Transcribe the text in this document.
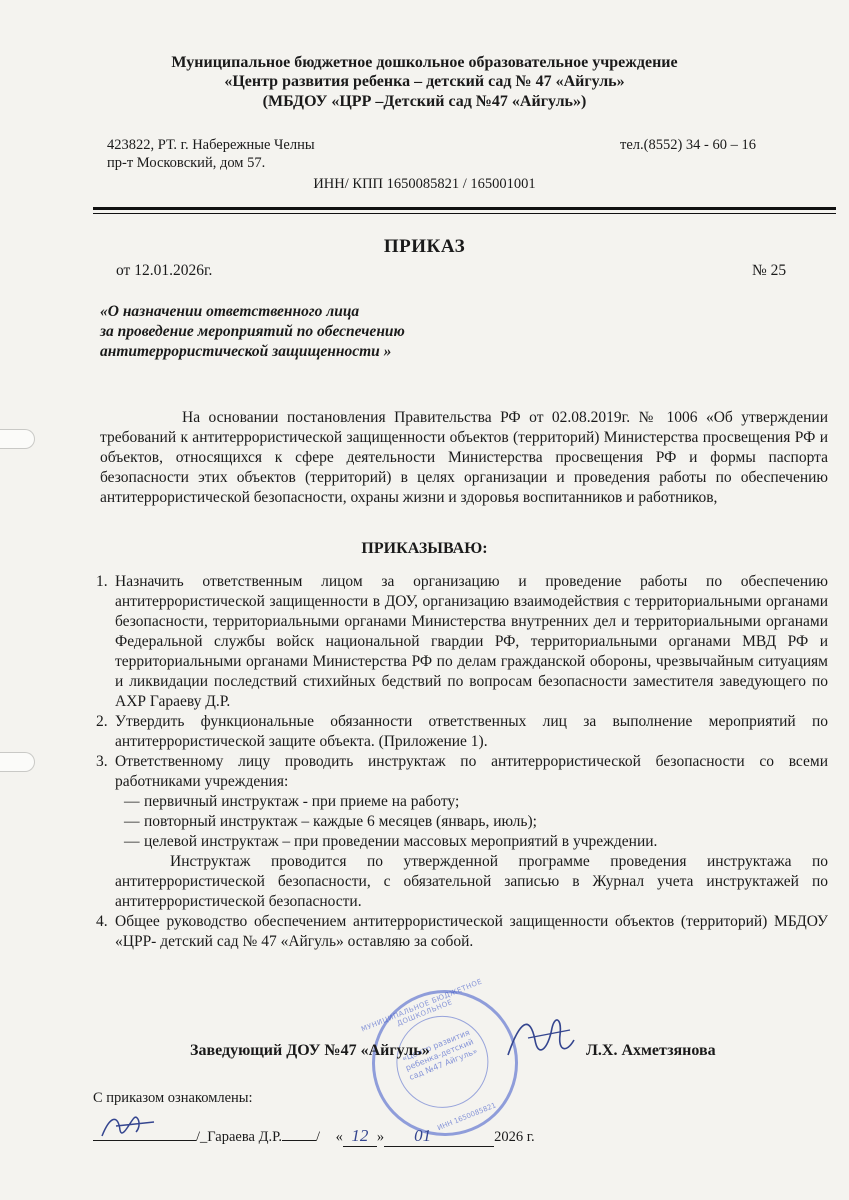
Муниципальное бюджетное дошкольное образовательное учреждение
«Центр развития ребенка – детский сад № 47 «Айгуль»
(МБДОУ «ЦРР –Детский сад №47 «Айгуль»)
423822, РТ. г. Набережные Челны
пр-т Московский, дом 57.
тел.(8552) 34 - 60 – 16
ИНН/ КПП 1650085821 / 165001001
ПРИКАЗ
от 12.01.2026г.	№ 25
«О назначении ответственного лица
за проведение мероприятий по обеспечению
антитеррористической защищенности »

На основании постановления Правительства РФ от 02.08.2019г. № 1006 «Об утверждении требований к антитеррористической защищенности объектов (территорий) Министерства просвещения РФ и объектов, относящихся к сфере деятельности Министерства просвещения РФ и формы паспорта безопасности этих объектов (территорий) в целях организации и проведения работы по обеспечению антитеррористической безопасности, охраны жизни и здоровья воспитанников и работников,

ПРИКАЗЫВАЮ:
1. Назначить ответственным лицом за организацию и проведение работы по обеспечению антитеррористической защищенности в ДОУ, организацию взаимодействия с территориальными органами безопасности, территориальными органами Министерства внутренних дел и территориальными органами Федеральной службы войск национальной гвардии РФ, территориальными органами МВД РФ и территориальными органами Министерства РФ по делам гражданской обороны, чрезвычайным ситуациям и ликвидации последствий стихийных бедствий по вопросам безопасности заместителя заведующего по АХР Гараеву Д.Р.
2. Утвердить функциональные обязанности ответственных лиц за выполнение мероприятий по антитеррористической защите объекта. (Приложение 1).
3. Ответственному лицу проводить инструктаж по антитеррористической безопасности со всеми работниками учреждения:
— первичный инструктаж - при приеме на работу;
— повторный инструктаж – каждые 6 месяцев (январь, июль);
— целевой инструктаж – при проведении массовых мероприятий в учреждении.
Инструктаж проводится по утвержденной программе проведения инструктажа по антитеррористической безопасности, с обязательной записью в Журнал учета инструктажей по антитеррористической безопасности.
4. Общее руководство обеспечением антитеррористической защищенности объектов (территорий) МБДОУ «ЦРР- детский сад № 47 «Айгуль» оставляю за собой.
МУНИЦИПАЛЬНОЕ БЮДЖЕТНОЕ ДОШКОЛЬНОЕ
«Центр развития ребенка-детский сад №47 Айгуль»
ИНН 1650085821
Заведующий ДОУ №47 «Айгуль»	Л.Х. Ахметзянова
С приказом ознакомлены:
/_Гараева Д.Р. / « 12 » 01	2026 г.
